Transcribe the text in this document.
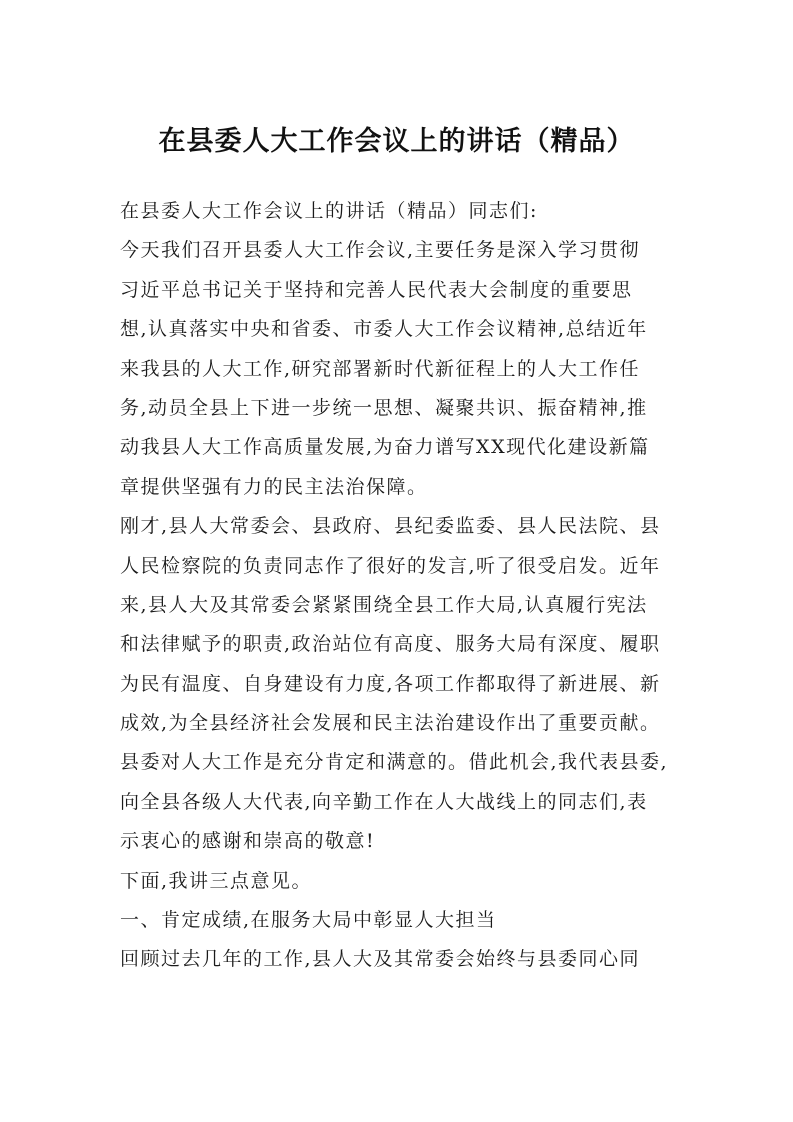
在县委人大工作会议上的讲话（精品）
在县委人大工作会议上的讲话（精品）同志们:
今天我们召开县委人大工作会议,主要任务是深入学习贯彻
习近平总书记关于坚持和完善人民代表大会制度的重要思
想,认真落实中央和省委、市委人大工作会议精神,总结近年
来我县的人大工作,研究部署新时代新征程上的人大工作任
务,动员全县上下进一步统一思想、凝聚共识、振奋精神,推
动我县人大工作高质量发展,为奋力谱写XX现代化建设新篇
章提供坚强有力的民主法治保障。
刚才,县人大常委会、县政府、县纪委监委、县人民法院、县
人民检察院的负责同志作了很好的发言,听了很受启发。近年
来,县人大及其常委会紧紧围绕全县工作大局,认真履行宪法
和法律赋予的职责,政治站位有高度、服务大局有深度、履职
为民有温度、自身建设有力度,各项工作都取得了新进展、新
成效,为全县经济社会发展和民主法治建设作出了重要贡献。
县委对人大工作是充分肯定和满意的。借此机会,我代表县委,
向全县各级人大代表,向辛勤工作在人大战线上的同志们,表
示衷心的感谢和崇高的敬意!
下面,我讲三点意见。
一、肯定成绩,在服务大局中彰显人大担当
回顾过去几年的工作,县人大及其常委会始终与县委同心同
